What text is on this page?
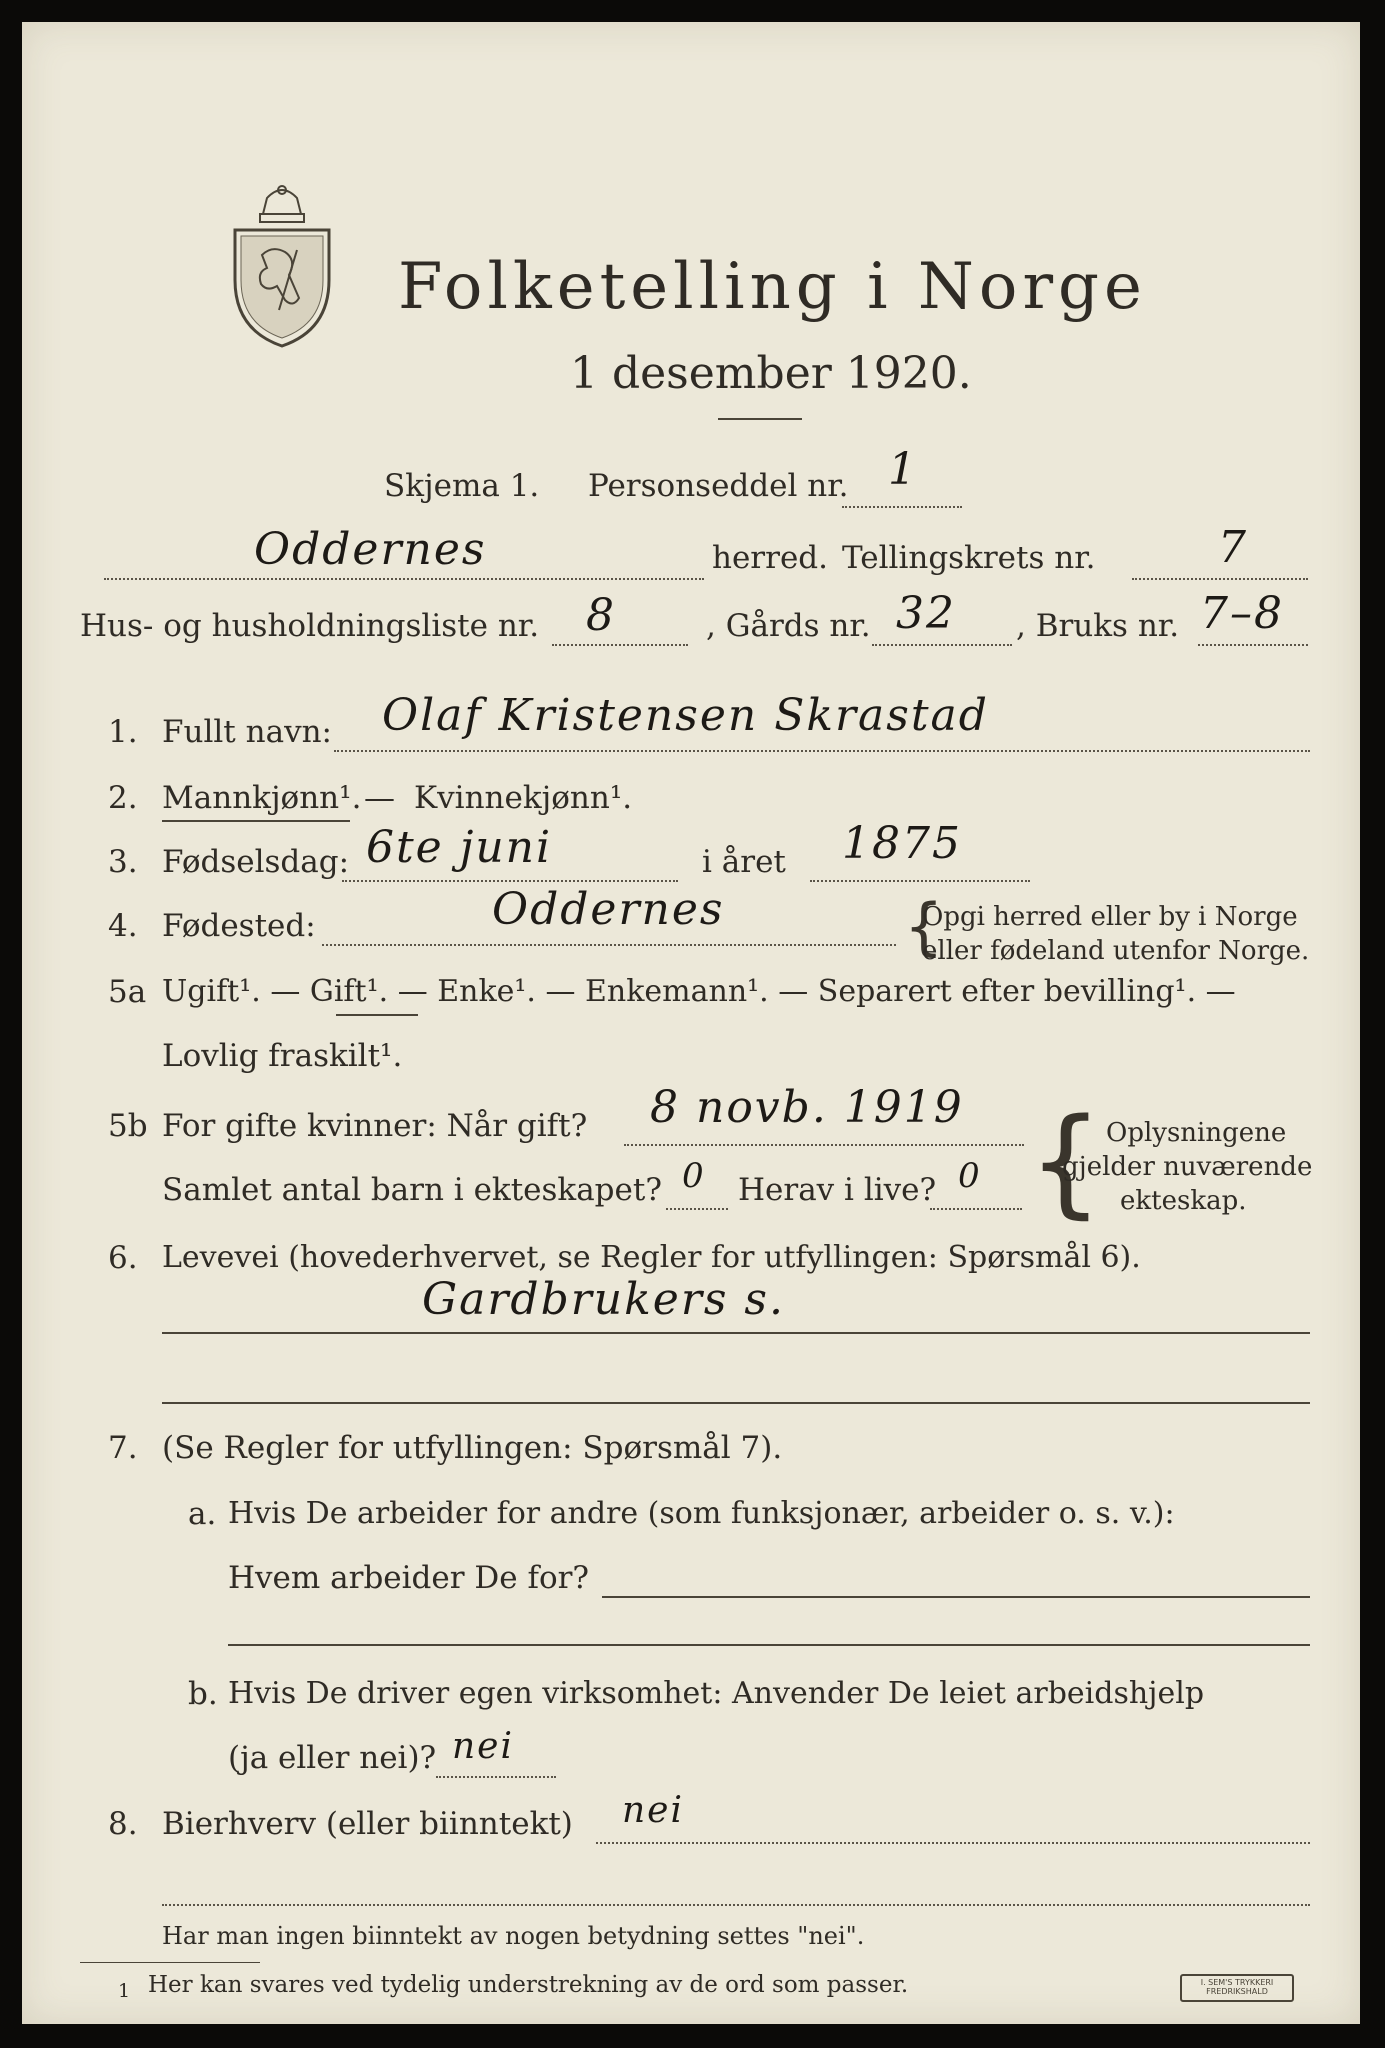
Folketelling i Norge
1 desember 1920.
Skjema 1. Personseddel nr. 1
Oddernes	herred. Tellingskrets nr.	7
Hus- og husholdningsliste nr. 8	, Gårds nr. 32 , Bruks nr. 7–8
1. Fullt navn: Olaf Kristensen Skrastad
2. Mannkjønn¹. — Kvinnekjønn¹.
3. Fødselsdag: 6te juni	i året 1875
4. Fødested:	Oddernes	{
Opgi herred eller by i Norge
eller fødeland utenfor Norge.
5a Ugift¹. — Gift¹. — Enke¹. — Enkemann¹. — Separert efter bevilling¹. —
Lovlig fraskilt¹.
5b For gifte kvinner: Når gift? 8 novb. 1919
Samlet antal barn i ekteskapet? 0 Herav i live? 0 { Oplysningene
gjelder nuværende
ekteskap.
6. Levevei (hovederhvervet, se Regler for utfyllingen: Spørsmål 6).
Gardbrukers s.
7. (Se Regler for utfyllingen: Spørsmål 7).
a. Hvis De arbeider for andre (som funksjonær, arbeider o. s. v.):
Hvem arbeider De for?
b. Hvis De driver egen virksomhet: Anvender De leiet arbeidshjelp
(ja eller nei)? nei
8. Bierhverv (eller biinntekt) nei
Har man ingen biinntekt av nogen betydning settes "nei".
1 Her kan svares ved tydelig understrekning av de ord som passer.	I. SEM'S TRYKKERI FREDRIKSHALD
